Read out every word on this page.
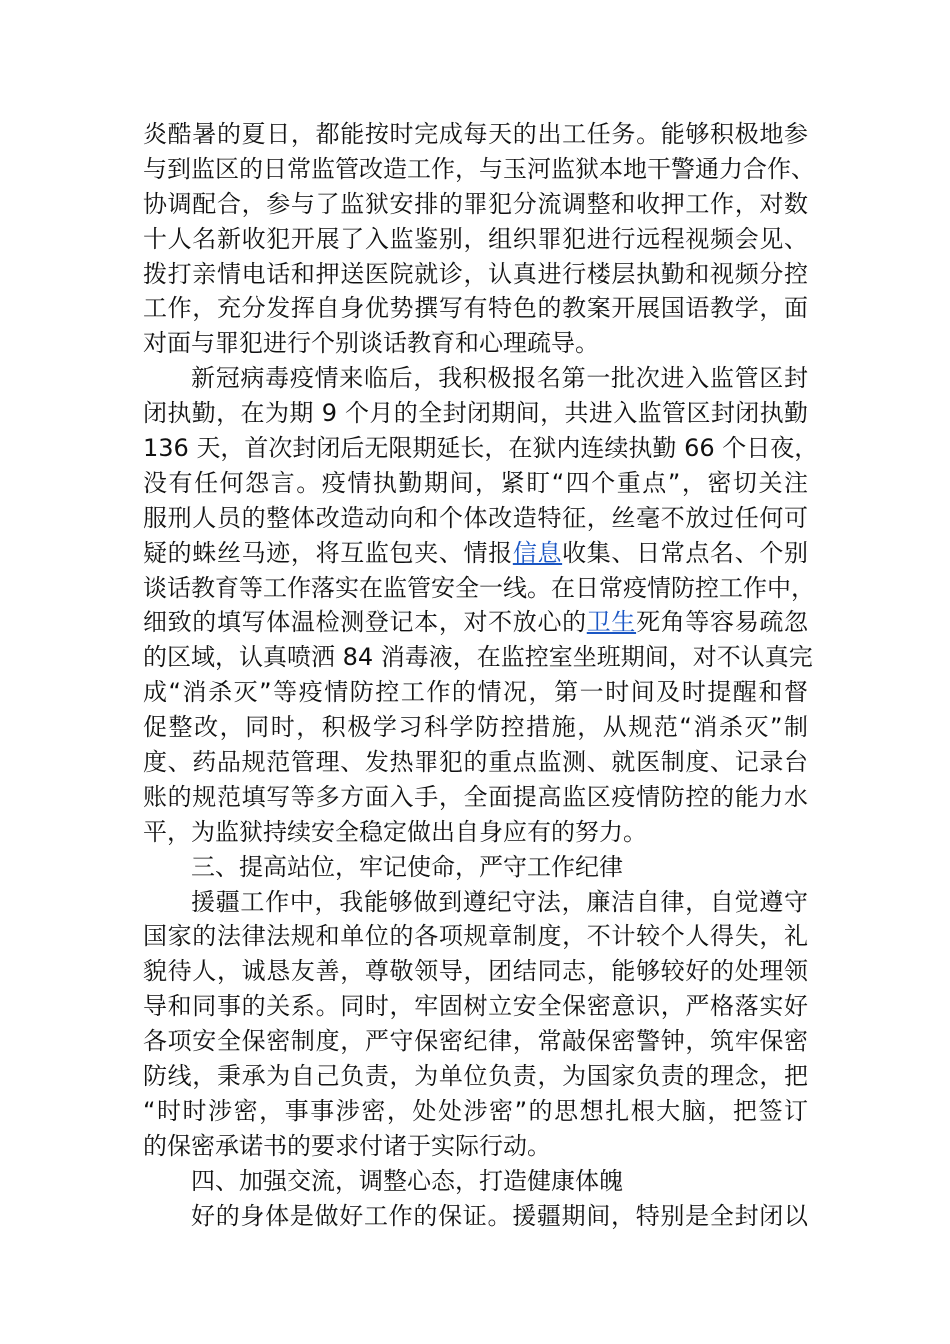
炎酷暑的夏日，都能按时完成每天的出工任务。能够积极地参
与到监区的日常监管改造工作，与玉河监狱本地干警通力合作、
协调配合，参与了监狱安排的罪犯分流调整和收押工作，对数
十人名新收犯开展了入监鉴别，组织罪犯进行远程视频会见、
拨打亲情电话和押送医院就诊，认真进行楼层执勤和视频分控
工作，充分发挥自身优势撰写有特色的教案开展国语教学，面
对面与罪犯进行个别谈话教育和心理疏导。
新冠病毒疫情来临后，我积极报名第一批次进入监管区封
闭执勤，在为期 9 个月的全封闭期间，共进入监管区封闭执勤
136 天，首次封闭后无限期延长，在狱内连续执勤 66 个日夜，
没有任何怨言。疫情执勤期间，紧盯“四个重点”，密切关注
服刑人员的整体改造动向和个体改造特征，丝毫不放过任何可
疑的蛛丝马迹，将互监包夹、情报信息收集、日常点名、个别
谈话教育等工作落实在监管安全一线。在日常疫情防控工作中，
细致的填写体温检测登记本，对不放心的卫生死角等容易疏忽
的区域，认真喷洒 84 消毒液，在监控室坐班期间，对不认真完
成“消杀灭”等疫情防控工作的情况，第一时间及时提醒和督
促整改，同时，积极学习科学防控措施，从规范“消杀灭”制
度、药品规范管理、发热罪犯的重点监测、就医制度、记录台
账的规范填写等多方面入手，全面提高监区疫情防控的能力水
平，为监狱持续安全稳定做出自身应有的努力。
三、提高站位，牢记使命，严守工作纪律
援疆工作中，我能够做到遵纪守法，廉洁自律，自觉遵守
国家的法律法规和单位的各项规章制度，不计较个人得失，礼
貌待人，诚恳友善，尊敬领导，团结同志，能够较好的处理领
导和同事的关系。同时，牢固树立安全保密意识，严格落实好
各项安全保密制度，严守保密纪律，常敲保密警钟，筑牢保密
防线，秉承为自己负责，为单位负责，为国家负责的理念，把
“时时涉密，事事涉密，处处涉密”的思想扎根大脑，把签订
的保密承诺书的要求付诸于实际行动。
四、加强交流，调整心态，打造健康体魄
好的身体是做好工作的保证。援疆期间，特别是全封闭以
